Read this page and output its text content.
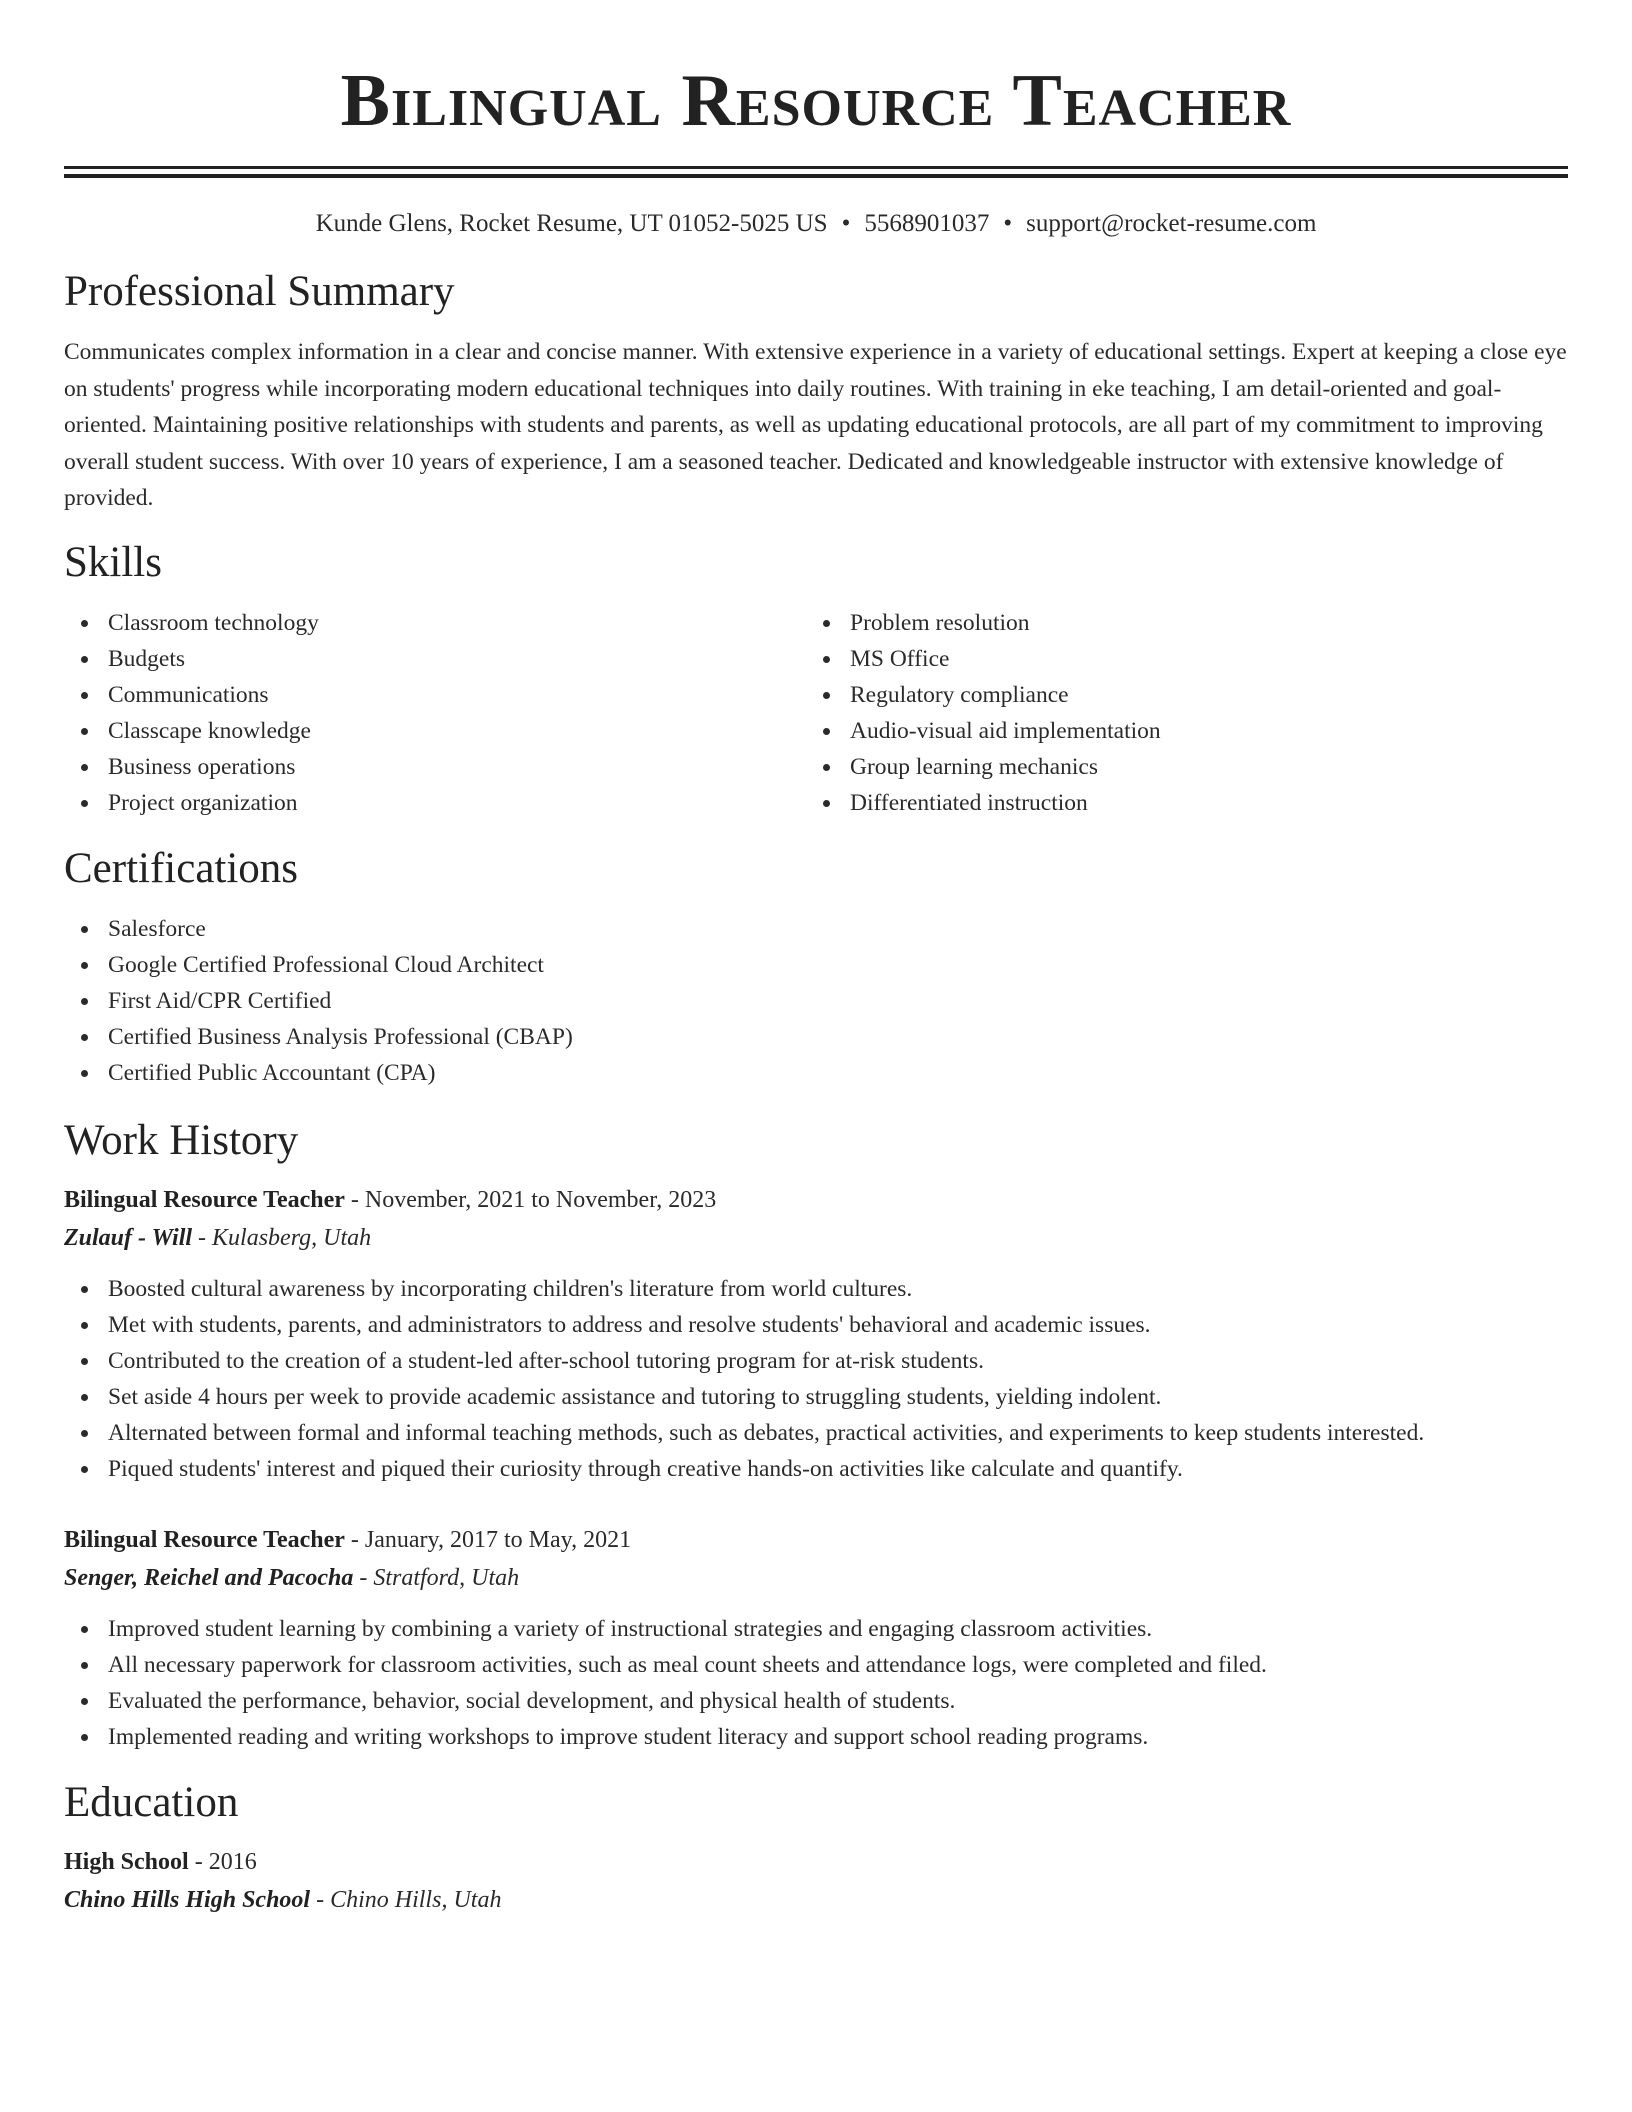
Bilingual Resource Teacher
Kunde Glens, Rocket Resume, UT 01052-5025 US • 5568901037 • support@rocket-resume.com
Professional Summary

Communicates complex information in a clear and concise manner. With extensive experience in a variety of educational settings. Expert at keeping a close eye on students' progress while incorporating modern educational techniques into daily routines. With training in eke teaching, I am detail-oriented and goal-oriented. Maintaining positive relationships with students and parents, as well as updating educational protocols, are all part of my commitment to improving overall student success. With over 10 years of experience, I am a seasoned teacher. Dedicated and knowledgeable instructor with extensive knowledge of provided.

Skills
Classroom technology
Budgets
Communications
Classcape knowledge
Business operations
Project organization
Problem resolution
MS Office
Regulatory compliance
Audio-visual aid implementation
Group learning mechanics
Differentiated instruction
Certifications
Salesforce
Google Certified Professional Cloud Architect
First Aid/CPR Certified
Certified Business Analysis Professional (CBAP)
Certified Public Accountant (CPA)
Work History
Bilingual Resource Teacher - November, 2021 to November, 2023
Zulauf - Will - Kulasberg, Utah
Boosted cultural awareness by incorporating children's literature from world cultures.
Met with students, parents, and administrators to address and resolve students' behavioral and academic issues.
Contributed to the creation of a student-led after-school tutoring program for at-risk students.
Set aside 4 hours per week to provide academic assistance and tutoring to struggling students, yielding indolent.
Alternated between formal and informal teaching methods, such as debates, practical activities, and experiments to keep students interested.
Piqued students' interest and piqued their curiosity through creative hands-on activities like calculate and quantify.
Bilingual Resource Teacher - January, 2017 to May, 2021
Senger, Reichel and Pacocha - Stratford, Utah
Improved student learning by combining a variety of instructional strategies and engaging classroom activities.
All necessary paperwork for classroom activities, such as meal count sheets and attendance logs, were completed and filed.
Evaluated the performance, behavior, social development, and physical health of students.
Implemented reading and writing workshops to improve student literacy and support school reading programs.
Education
High School - 2016
Chino Hills High School - Chino Hills, Utah
